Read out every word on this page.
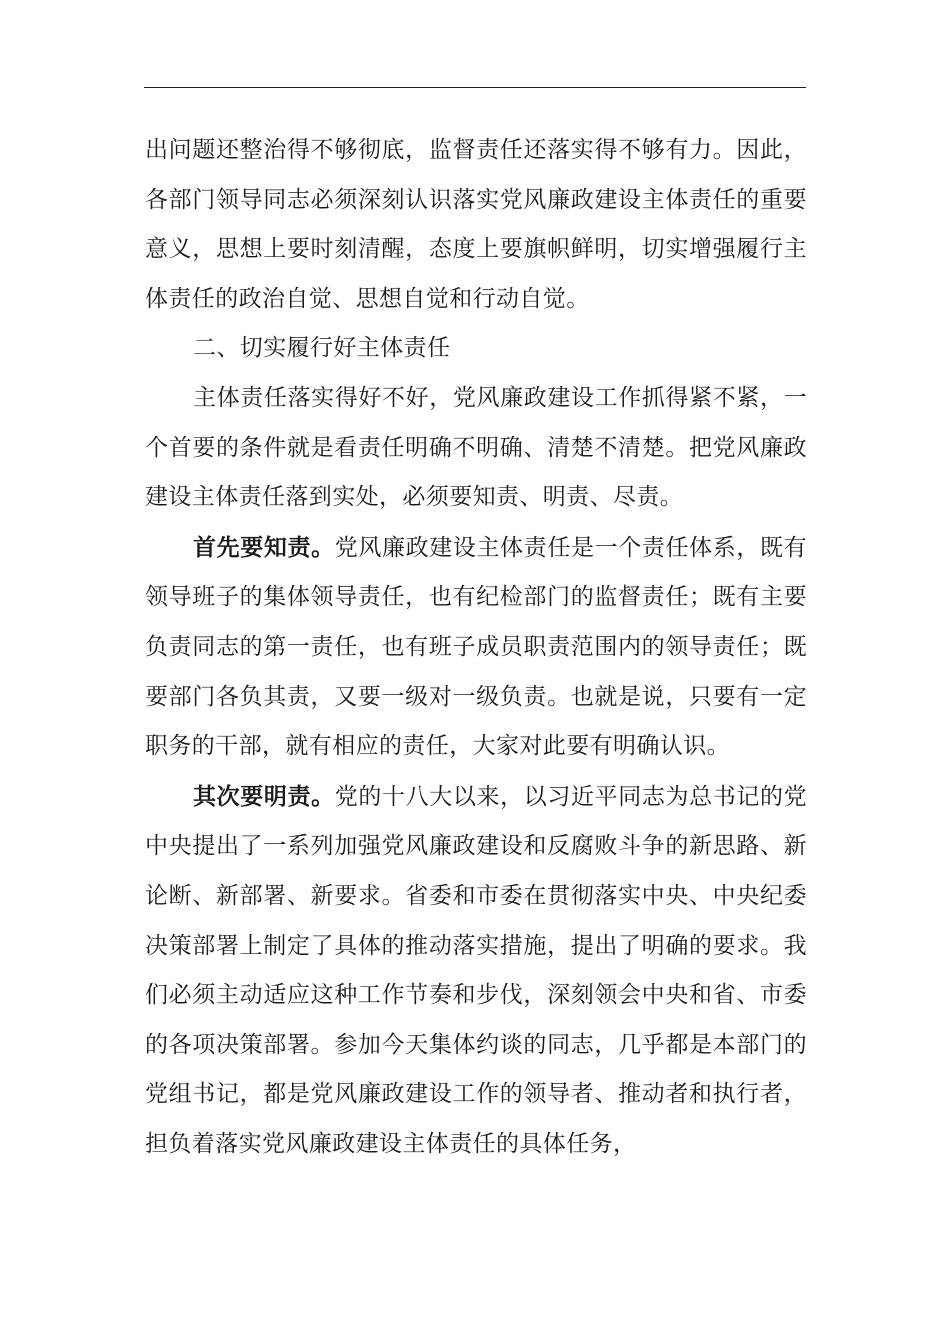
出问题还整治得不够彻底，监督责任还落实得不够有力。因此，各部门领导同志必须深刻认识落实党风廉政建设主体责任的重要意义，思想上要时刻清醒，态度上要旗帜鲜明，切实增强履行主体责任的政治自觉、思想自觉和行动自觉。

二、切实履行好主体责任

主体责任落实得好不好，党风廉政建设工作抓得紧不紧，一个首要的条件就是看责任明确不明确、清楚不清楚。把党风廉政建设主体责任落到实处，必须要知责、明责、尽责。

首先要知责。党风廉政建设主体责任是一个责任体系，既有领导班子的集体领导责任，也有纪检部门的监督责任；既有主要负责同志的第一责任，也有班子成员职责范围内的领导责任；既要部门各负其责，又要一级对一级负责。也就是说，只要有一定职务的干部，就有相应的责任，大家对此要有明确认识。

其次要明责。党的十八大以来，以习近平同志为总书记的党中央提出了一系列加强党风廉政建设和反腐败斗争的新思路、新论断、新部署、新要求。省委和市委在贯彻落实中央、中央纪委决策部署上制定了具体的推动落实措施，提出了明确的要求。我们必须主动适应这种工作节奏和步伐，深刻领会中央和省、市委的各项决策部署。参加今天集体约谈的同志，几乎都是本部门的党组书记，都是党风廉政建设工作的领导者、推动者和执行者，担负着落实党风廉政建设主体责任的具体任务，
